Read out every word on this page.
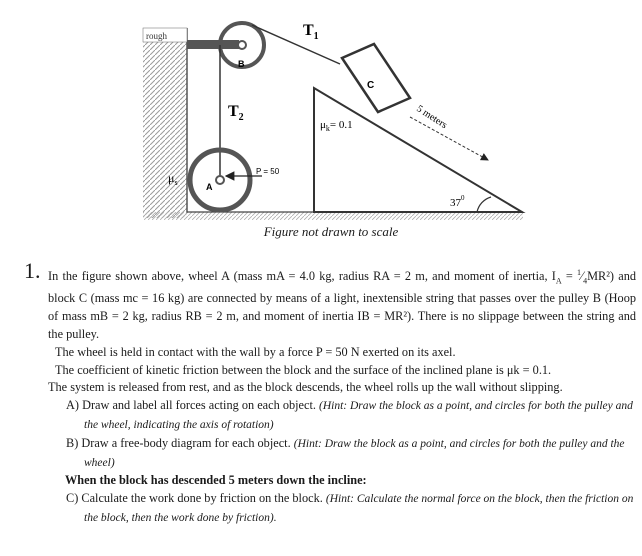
rough
B
C
5 meters
$T_1$
$T_2$
$\mu_k= 0.1$
A
P = 50
$\mu_s$
$37^0$
Figure not drawn to scale
1. In the figure shown above, wheel A (mass mA = 4.0 kg, radius RA = 2 m, and moment of inertia, $I_A$ = $^1⁄_4MR^2$) and block C (mass mc = 16 kg) are connected by means of a light, inextensible string that passes over the pulley B (Hoop of mass mB = 2 kg, radius RB = 2 m, and moment of inertia IB = MR²). There is no slippage between the string and the pulley.

The wheel is held in contact with the wall by a force P = 50 N exerted on its axel.

The coefficient of kinetic friction between the block and the surface of the inclined plane is μk = 0.1.

The system is released from rest, and as the block descends, the wheel rolls up the wall without slipping.

A) Draw and label all forces acting on each object. (Hint: Draw the block as a point, and circles for both the pulley and the wheel, indicating the axis of rotation)
B) Draw a free-body diagram for each object. (Hint: Draw the block as a point, and circles for both the pulley and the wheel)

When the block has descended 5 meters down the incline:

C) Calculate the work done by friction on the block. (Hint: Calculate the normal force on the block, then the friction on the block, then the work done by friction).
